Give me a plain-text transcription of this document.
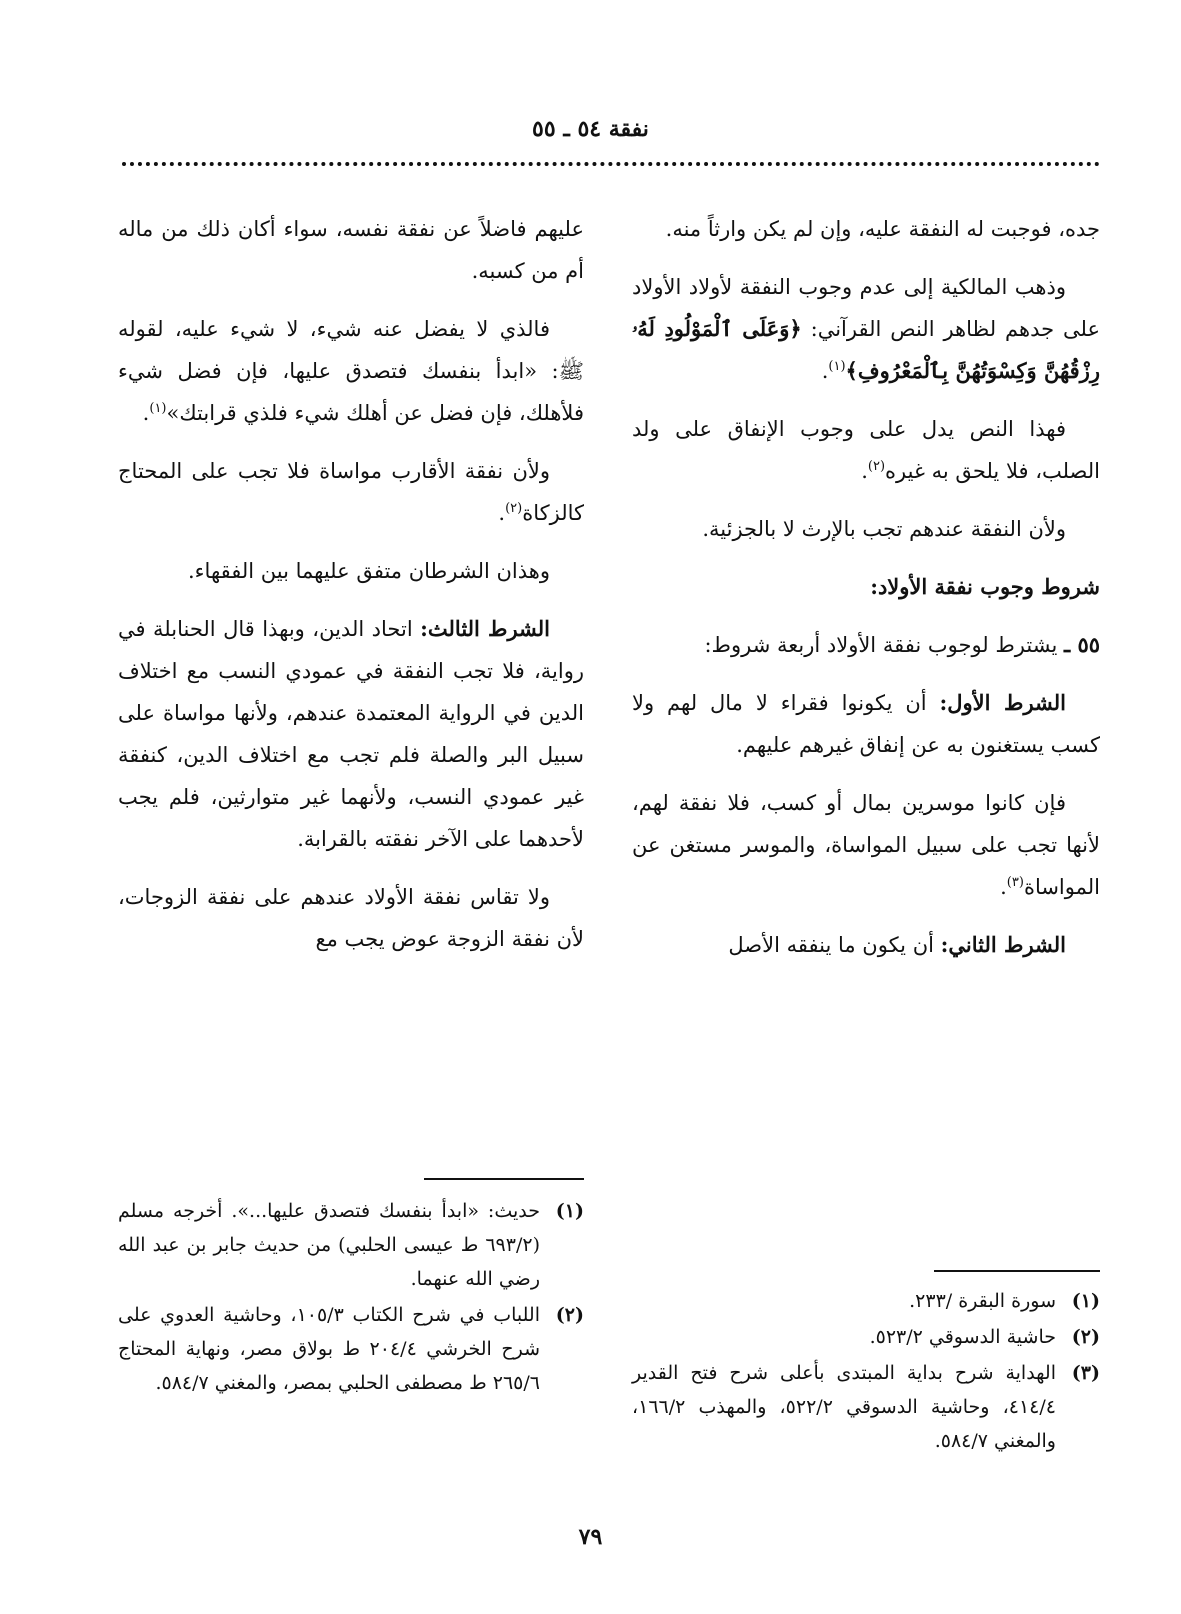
نفقة ٥٤ ـ ٥٥

جده، فوجبت له النفقة عليه، وإن لم يكن وارثاً منه.

وذهب المالكية إلى عدم وجوب النفقة لأولاد الأولاد على جدهم لظاهر النص القرآني: ﴿وَعَلَى ٱلْمَوْلُودِ لَهُۥ رِزْقُهُنَّ وَكِسْوَتُهُنَّ بِٱلْمَعْرُوفِ﴾$^{(١)}$.

فهذا النص يدل على وجوب الإنفاق على ولد الصلب، فلا يلحق به غيره$^{(٢)}$.

ولأن النفقة عندهم تجب بالإرث لا بالجزئية.

شروط وجوب نفقة الأولاد:

٥٥ ـ يشترط لوجوب نفقة الأولاد أربعة شروط:

الشرط الأول: أن يكونوا فقراء لا مال لهم ولا كسب يستغنون به عن إنفاق غيرهم عليهم.

فإن كانوا موسرين بمال أو كسب، فلا نفقة لهم، لأنها تجب على سبيل المواساة، والموسر مستغن عن المواساة$^{(٣)}$.

الشرط الثاني: أن يكون ما ينفقه الأصل

عليهم فاضلاً عن نفقة نفسه، سواء أكان ذلك من ماله أم من كسبه.

فالذي لا يفضل عنه شيء، لا شيء عليه، لقوله ﷺ: «ابدأ بنفسك فتصدق عليها، فإن فضل شيء فلأهلك، فإن فضل عن أهلك شيء فلذي قرابتك»$^{(١)}$.

ولأن نفقة الأقارب مواساة فلا تجب على المحتاج كالزكاة$^{(٢)}$.

وهذان الشرطان متفق عليهما بين الفقهاء.

الشرط الثالث: اتحاد الدين، وبهذا قال الحنابلة في رواية، فلا تجب النفقة في عمودي النسب مع اختلاف الدين في الرواية المعتمدة عندهم، ولأنها مواساة على سبيل البر والصلة فلم تجب مع اختلاف الدين، كنفقة غير عمودي النسب، ولأنهما غير متوارثين، فلم يجب لأحدهما على الآخر نفقته بالقرابة.

ولا تقاس نفقة الأولاد عندهم على نفقة الزوجات، لأن نفقة الزوجة عوض يجب مع

(١)
سورة البقرة /٢٣٣.
(٢)
حاشية الدسوقي ٥٢٣/٢.
(٣)
الهداية شرح بداية المبتدى بأعلى شرح فتح القدير ٤١٤/٤، وحاشية الدسوقي ٥٢٢/٢، والمهذب ١٦٦/٢، والمغني ٥٨٤/٧.
(١)
حديث: «ابدأ بنفسك فتصدق عليها...». أخرجه مسلم (٦٩٣/٢ ط عيسى الحلبي) من حديث جابر بن عبد الله رضي الله عنهما.
(٢)
اللباب في شرح الكتاب ١٠٥/٣، وحاشية العدوي على شرح الخرشي ٢٠٤/٤ ط بولاق مصر، ونهاية المحتاج ٢٦٥/٦ ط مصطفى الحلبي بمصر، والمغني ٥٨٤/٧.
٧٩
